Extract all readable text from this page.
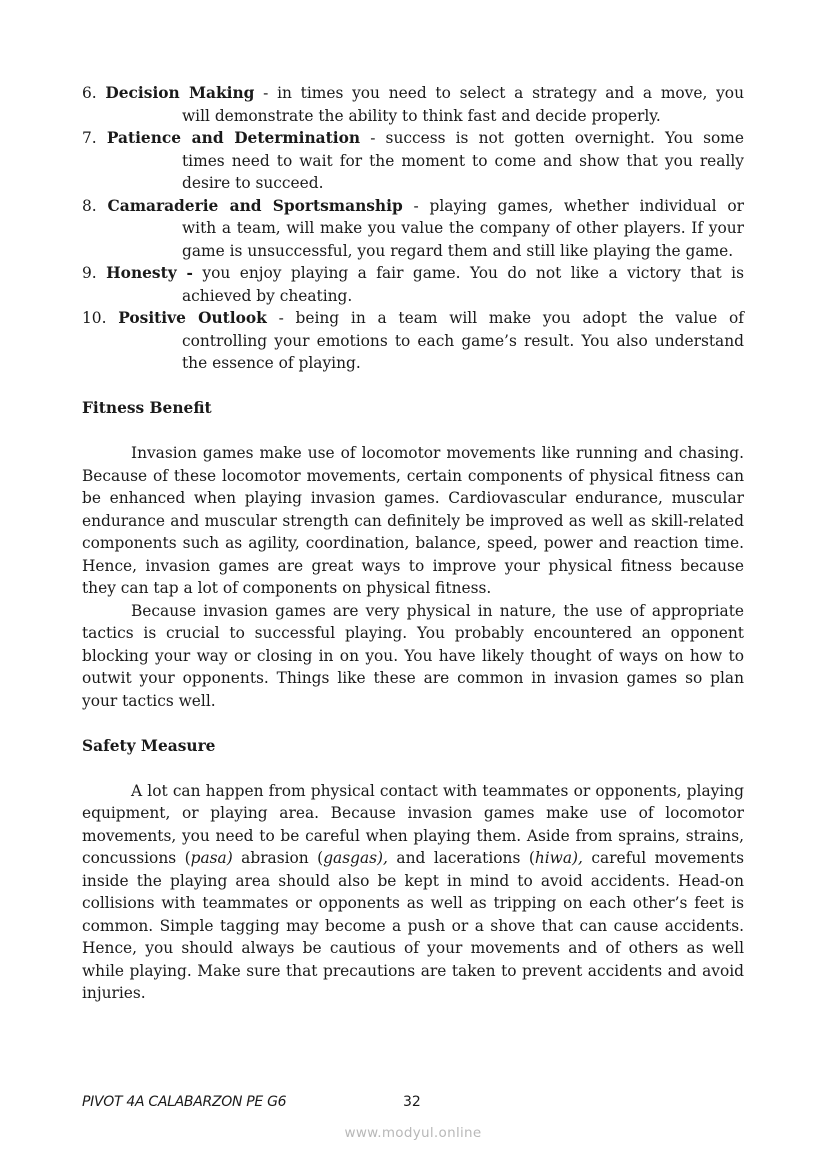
6. Decision Making - in times you need to select a strategy and a move, you
will demonstrate the ability to think fast and decide properly.
7. Patience and Determination - success is not gotten overnight. You some
times need to wait for the moment to come and show that you really desire to succeed.
8. Camaraderie and Sportsmanship - playing games, whether individual or
with a team, will make you value the company of other players. If your game is unsuccessful, you regard them and still like playing the game.
9. Honesty - you enjoy playing a fair game. You do not like a victory that is
achieved by cheating.
10. Positive Outlook - being in a team will make you adopt the value of
controlling your emotions to each game’s result. You also understand the essence of playing.
Fitness Benefit

Invasion games make use of locomotor movements like running and chasing. Because of these locomotor movements, certain components of physical fitness can be enhanced when playing invasion games. Cardiovascular endurance, muscular endurance and muscular strength can definitely be improved as well as skill-related components such as agility, coordination, balance, speed, power and reaction time. Hence, invasion games are great ways to improve your physical fitness because they can tap a lot of components on physical fitness.

Because invasion games are very physical in nature, the use of appropriate tactics is crucial to successful playing. You probably encountered an opponent blocking your way or closing in on you. You have likely thought of ways on how to outwit your opponents. Things like these are common in invasion games so plan your tactics well.

Safety Measure

A lot can happen from physical contact with teammates or opponents, playing equipment, or playing area. Because invasion games make use of locomotor movements, you need to be careful when playing them. Aside from sprains, strains, concussions (pasa) abrasion (gasgas), and lacerations (hiwa), careful movements inside the playing area should also be kept in mind to avoid accidents. Head-on collisions with teammates or opponents as well as tripping on each other’s feet is common. Simple tagging may become a push or a shove that can cause accidents. Hence, you should always be cautious of your movements and of others as well while playing. Make sure that precautions are taken to prevent accidents and avoid injuries.

PIVOT 4A CALABARZON PE G6	32
www.modyul.online
